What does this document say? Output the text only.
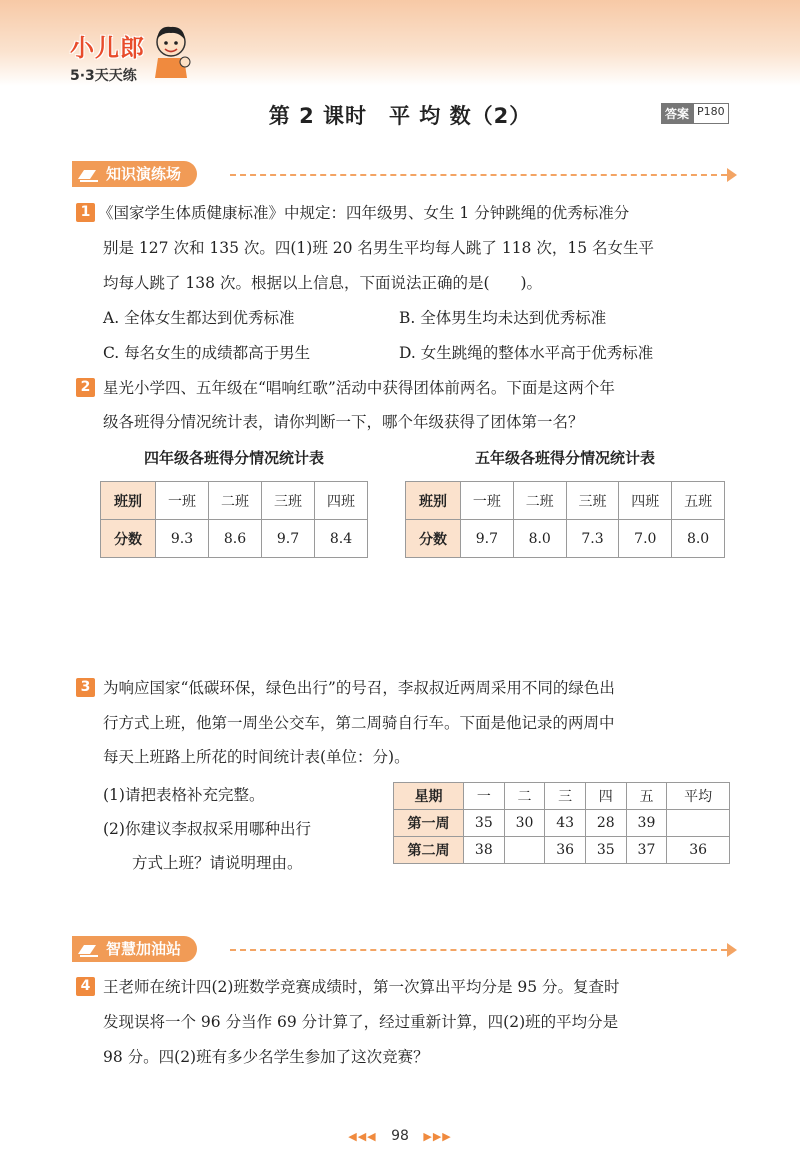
小儿郎
5·3天天练
第 2 课时　平 均 数（2）	答案 P180
知识演练场
1 《国家学生体质健康标准》中规定：四年级男、女生 1 分钟跳绳的优秀标准分
别是 127 次和 135 次。四(1)班 20 名男生平均每人跳了 118 次，15 名女生平
均每人跳了 138 次。根据以上信息，下面说法正确的是(　　)。
A. 全体女生都达到优秀标准	B. 全体男生均未达到优秀标准
C. 每名女生的成绩都高于男生	D. 女生跳绳的整体水平高于优秀标准
2 星光小学四、五年级在“唱响红歌”活动中获得团体前两名。下面是这两个年
级各班得分情况统计表，请你判断一下，哪个年级获得了团体第一名？
四年级各班得分情况统计表
班别	一班	二班	三班	四班
分数	9.3	8.6	9.7	8.4
五年级各班得分情况统计表
班别	一班	二班	三班	四班	五班
分数	9.7	8.0	7.3	7.0	8.0
3 为响应国家“低碳环保，绿色出行”的号召，李叔叔近两周采用不同的绿色出
行方式上班，他第一周坐公交车，第二周骑自行车。下面是他记录的两周中
每天上班路上所花的时间统计表(单位：分)。
(1)请把表格补充完整。
(2)你建议李叔叔采用哪种出行
方式上班？请说明理由。
星期	一	二	三	四	五	平均
第一周	35	30	43	28	39	
第二周	38		36	35	37	36
智慧加油站
4 王老师在统计四(2)班数学竞赛成绩时，第一次算出平均分是 95 分。复查时
发现误将一个 96 分当作 69 分计算了，经过重新计算，四(2)班的平均分是
98 分。四(2)班有多少名学生参加了这次竞赛？
◀◀◀ 98 ▶▶▶
